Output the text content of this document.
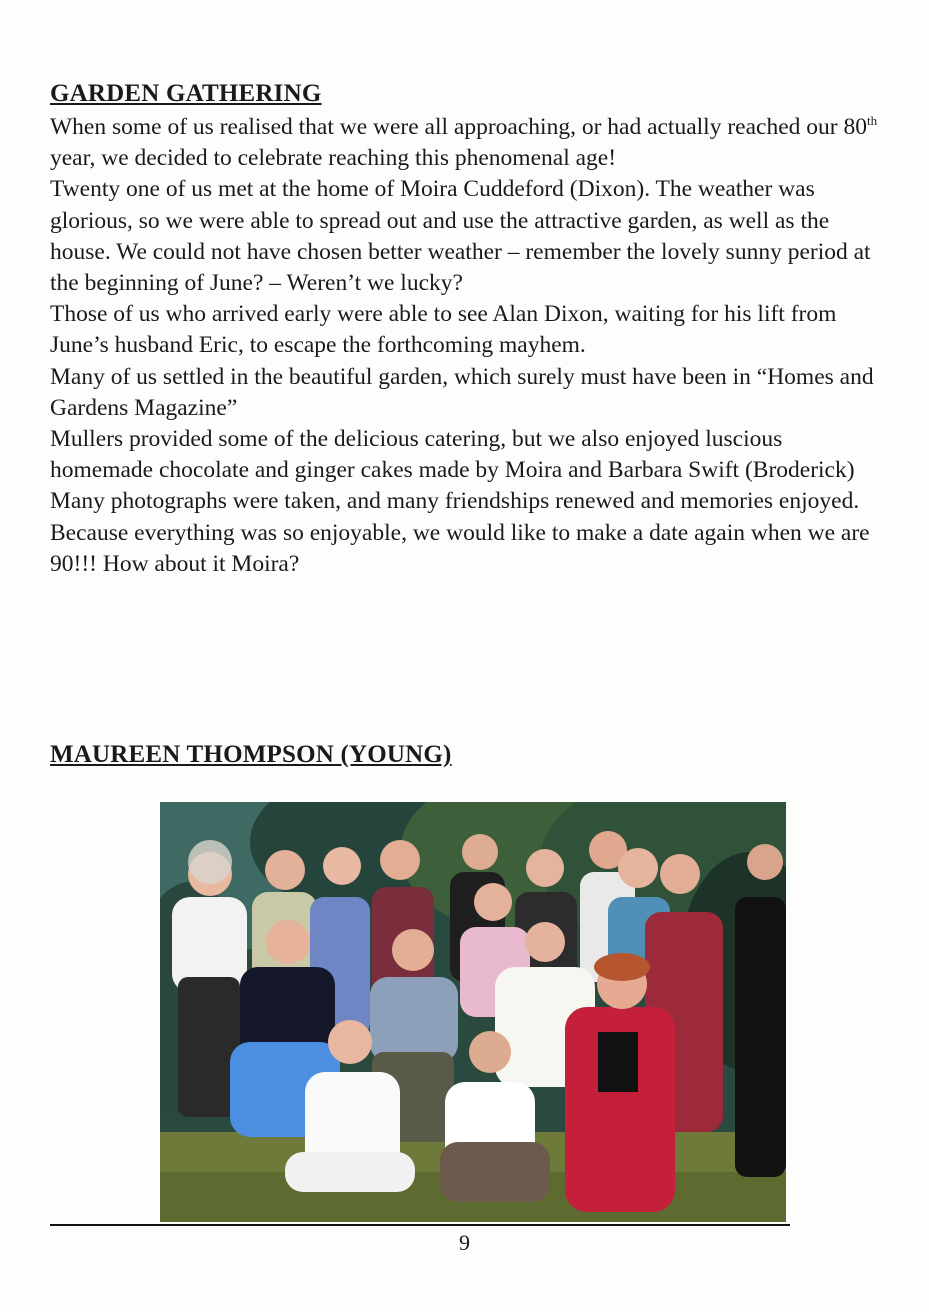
GARDEN GATHERING

When some of us realised that we were all approaching, or had actually reached our 80th year, we decided to celebrate reaching this phenomenal age!

Twenty one of us met at the home of Moira Cuddeford (Dixon). The weather was glorious, so we were able to spread out and use the attractive garden, as well as the house. We could not have chosen better weather – remember the lovely sunny period at the beginning of June? – Weren’t we lucky?

Those of us who arrived early were able to see Alan Dixon, waiting for his lift from June’s husband Eric, to escape the forthcoming mayhem.

Many of us settled in the beautiful garden, which surely must have been in “Homes and Gardens Magazine”

Mullers provided some of the delicious catering, but we also enjoyed luscious homemade chocolate and ginger cakes made by Moira and Barbara Swift (Broderick)

Many photographs were taken, and many friendships renewed and memories enjoyed.

Because everything was so enjoyable, we would like to make a date again when we are 90!!! How about it Moira?

MAUREEN THOMPSON (YOUNG)
9
